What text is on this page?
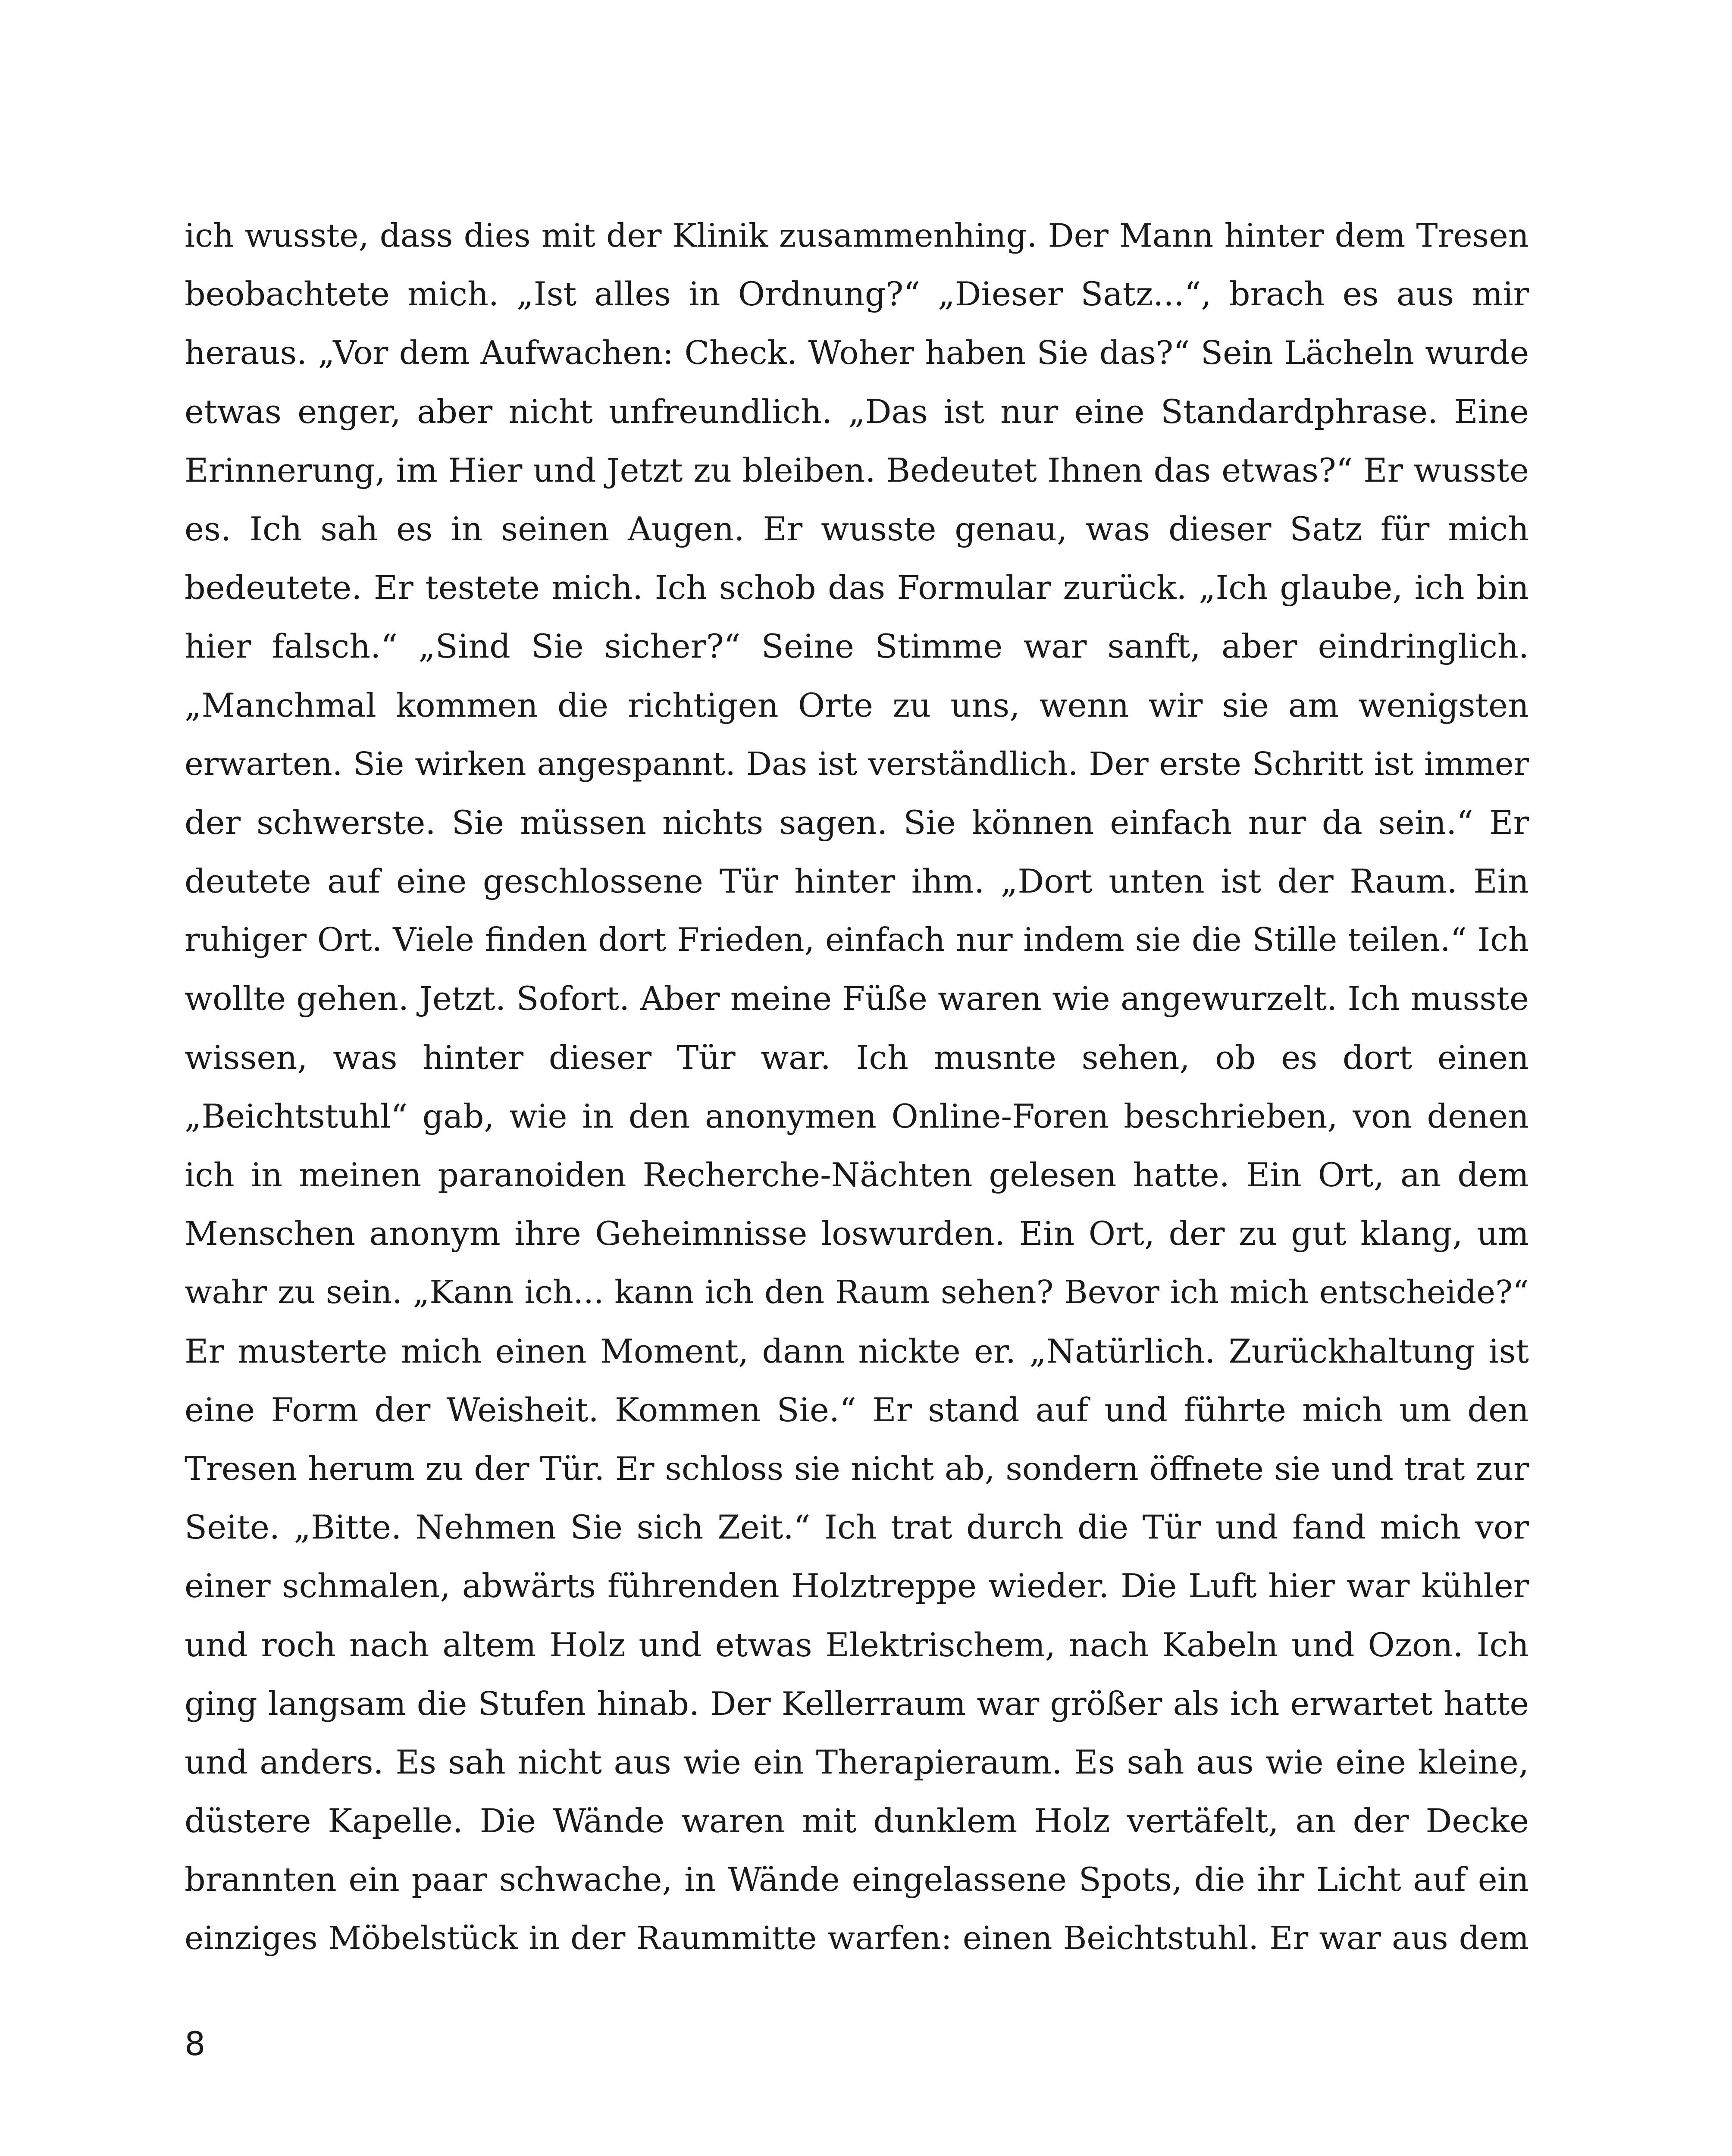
ich wusste, dass dies mit der Klinik zusammenhing. Der Mann hinter dem Tresen
beobachtete mich. „Ist alles in Ordnung?“ „Dieser Satz...“, brach es aus mir
heraus. „Vor dem Aufwachen: Check. Woher haben Sie das?“ Sein Lächeln wurde
etwas enger, aber nicht unfreundlich. „Das ist nur eine Standardphrase. Eine
Erinnerung, im Hier und Jetzt zu bleiben. Bedeutet Ihnen das etwas?“ Er wusste
es. Ich sah es in seinen Augen. Er wusste genau, was dieser Satz für mich
bedeutete. Er testete mich. Ich schob das Formular zurück. „Ich glaube, ich bin
hier falsch.“ „Sind Sie sicher?“ Seine Stimme war sanft, aber eindringlich.
„Manchmal kommen die richtigen Orte zu uns, wenn wir sie am wenigsten
erwarten. Sie wirken angespannt. Das ist verständlich. Der erste Schritt ist immer
der schwerste. Sie müssen nichts sagen. Sie können einfach nur da sein.“ Er
deutete auf eine geschlossene Tür hinter ihm. „Dort unten ist der Raum. Ein
ruhiger Ort. Viele finden dort Frieden, einfach nur indem sie die Stille teilen.“ Ich
wollte gehen. Jetzt. Sofort. Aber meine Füße waren wie angewurzelt. Ich musste
wissen, was hinter dieser Tür war. Ich musnte sehen, ob es dort einen
„Beichtstuhl“ gab, wie in den anonymen Online-Foren beschrieben, von denen
ich in meinen paranoiden Recherche-Nächten gelesen hatte. Ein Ort, an dem
Menschen anonym ihre Geheimnisse loswurden. Ein Ort, der zu gut klang, um
wahr zu sein. „Kann ich... kann ich den Raum sehen? Bevor ich mich entscheide?“
Er musterte mich einen Moment, dann nickte er. „Natürlich. Zurückhaltung ist
eine Form der Weisheit. Kommen Sie.“ Er stand auf und führte mich um den
Tresen herum zu der Tür. Er schloss sie nicht ab, sondern öffnete sie und trat zur
Seite. „Bitte. Nehmen Sie sich Zeit.“ Ich trat durch die Tür und fand mich vor
einer schmalen, abwärts führenden Holztreppe wieder. Die Luft hier war kühler
und roch nach altem Holz und etwas Elektrischem, nach Kabeln und Ozon. Ich
ging langsam die Stufen hinab. Der Kellerraum war größer als ich erwartet hatte
und anders. Es sah nicht aus wie ein Therapieraum. Es sah aus wie eine kleine,
düstere Kapelle. Die Wände waren mit dunklem Holz vertäfelt, an der Decke
brannten ein paar schwache, in Wände eingelassene Spots, die ihr Licht auf ein
einziges Möbelstück in der Raummitte warfen: einen Beichtstuhl. Er war aus dem
8
